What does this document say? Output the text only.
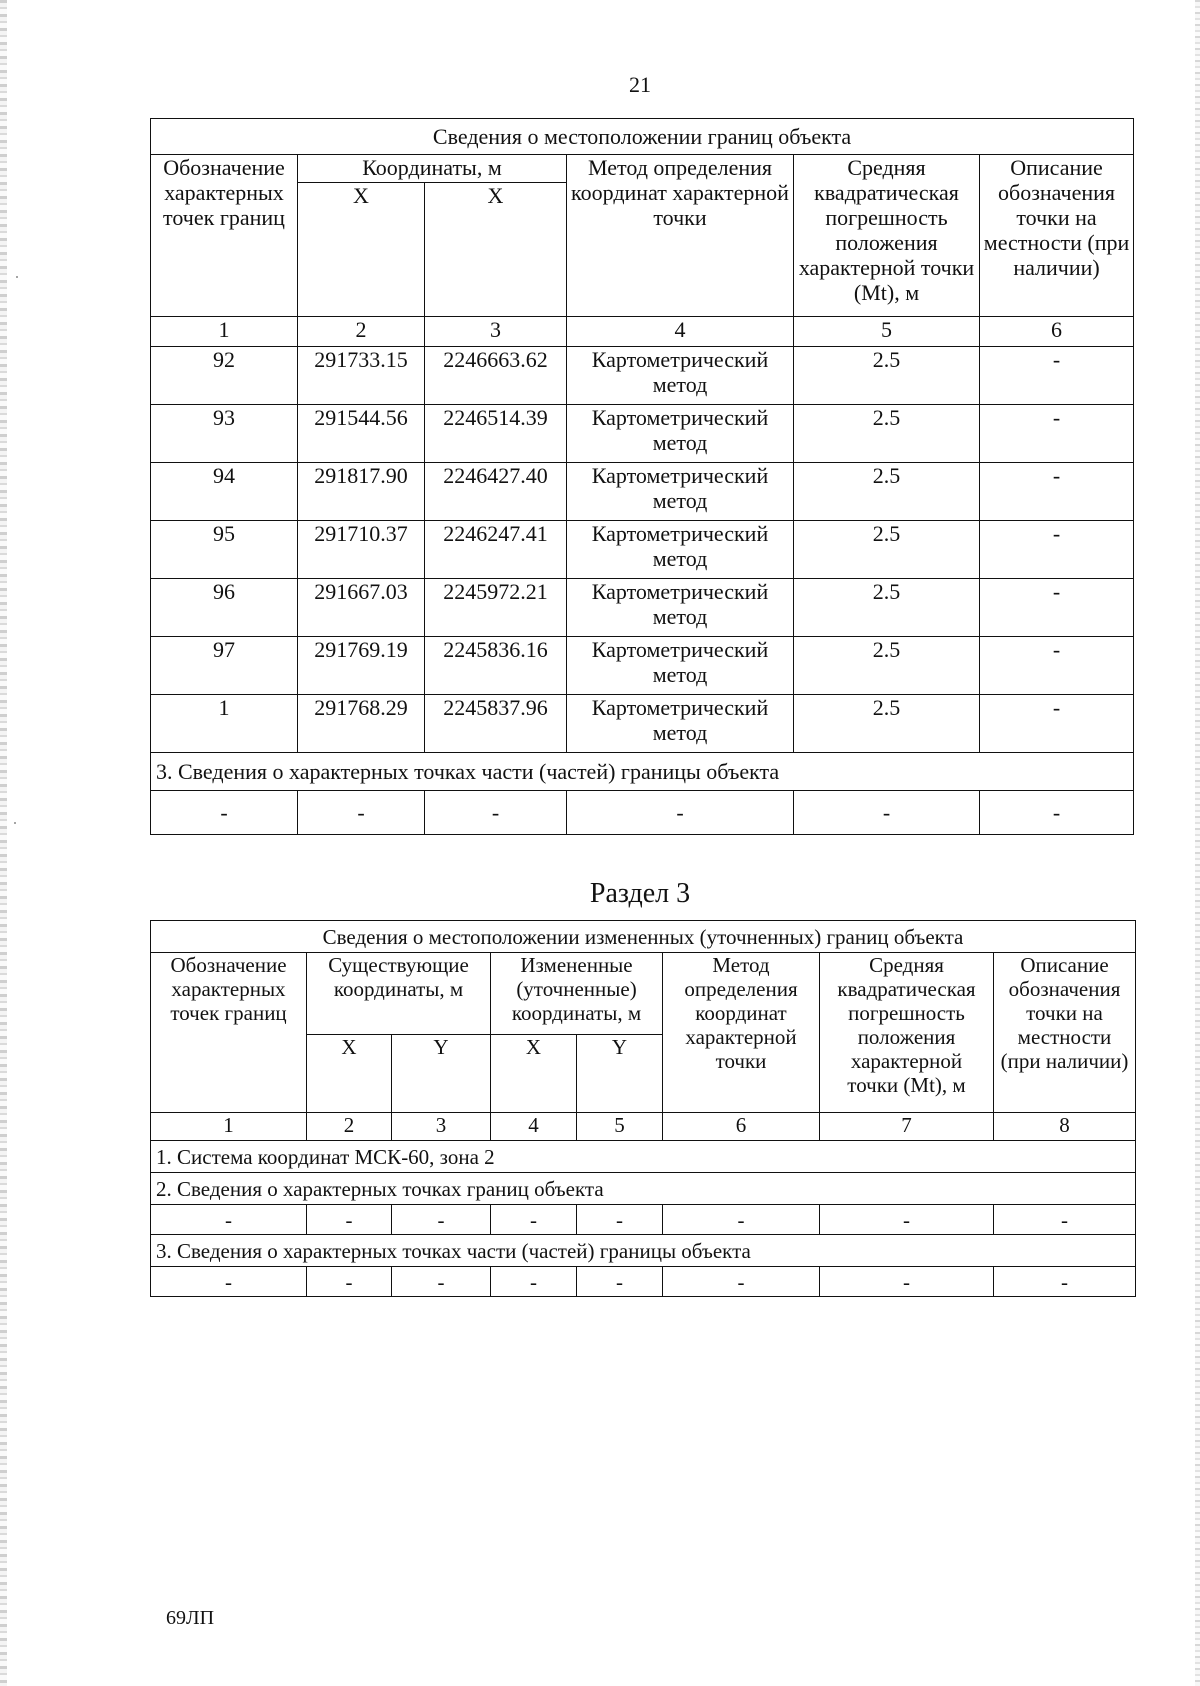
21
Сведения о местоположении границ объекта					
Обозначение характерных точек границ	Координаты, м		Метод определения координат характерной точки	Средняя квадратическая погрешность положения характерной точки (Mt), м	Описание обозначения точки на местности (при наличии)
	X	X			
1	2	3	4	5	6
92	291733.15	2246663.62	Картометрический метод	2.5	-
93	291544.56	2246514.39	Картометрический метод	2.5	-
94	291817.90	2246427.40	Картометрический метод	2.5	-
95	291710.37	2246247.41	Картометрический метод	2.5	-
96	291667.03	2245972.21	Картометрический метод	2.5	-
97	291769.19	2245836.16	Картометрический метод	2.5	-
1	291768.29	2245837.96	Картометрический метод	2.5	-
3. Сведения о характерных точках части (частей) границы объекта					
-	-	-	-	-	-
Раздел 3
Сведения о местоположении измененных (уточненных) границ объекта							
Обозначение характерных точек границ	Существующие координаты, м		Измененные (уточненные) координаты, м		Метод определения координат характерной точки	Средняя квадратическая погрешность положения характерной точки (Mt), м	Описание обозначения точки на местности (при наличии)
	X	Y	X	Y			
1	2	3	4	5	6	7	8
1. Система координат МСК-60, зона 2							
2. Сведения о характерных точках границ объекта							
-	-	-	-	-	-	-	-
3. Сведения о характерных точках части (частей) границы объекта							
-	-	-	-	-	-	-	-
69ЛП
